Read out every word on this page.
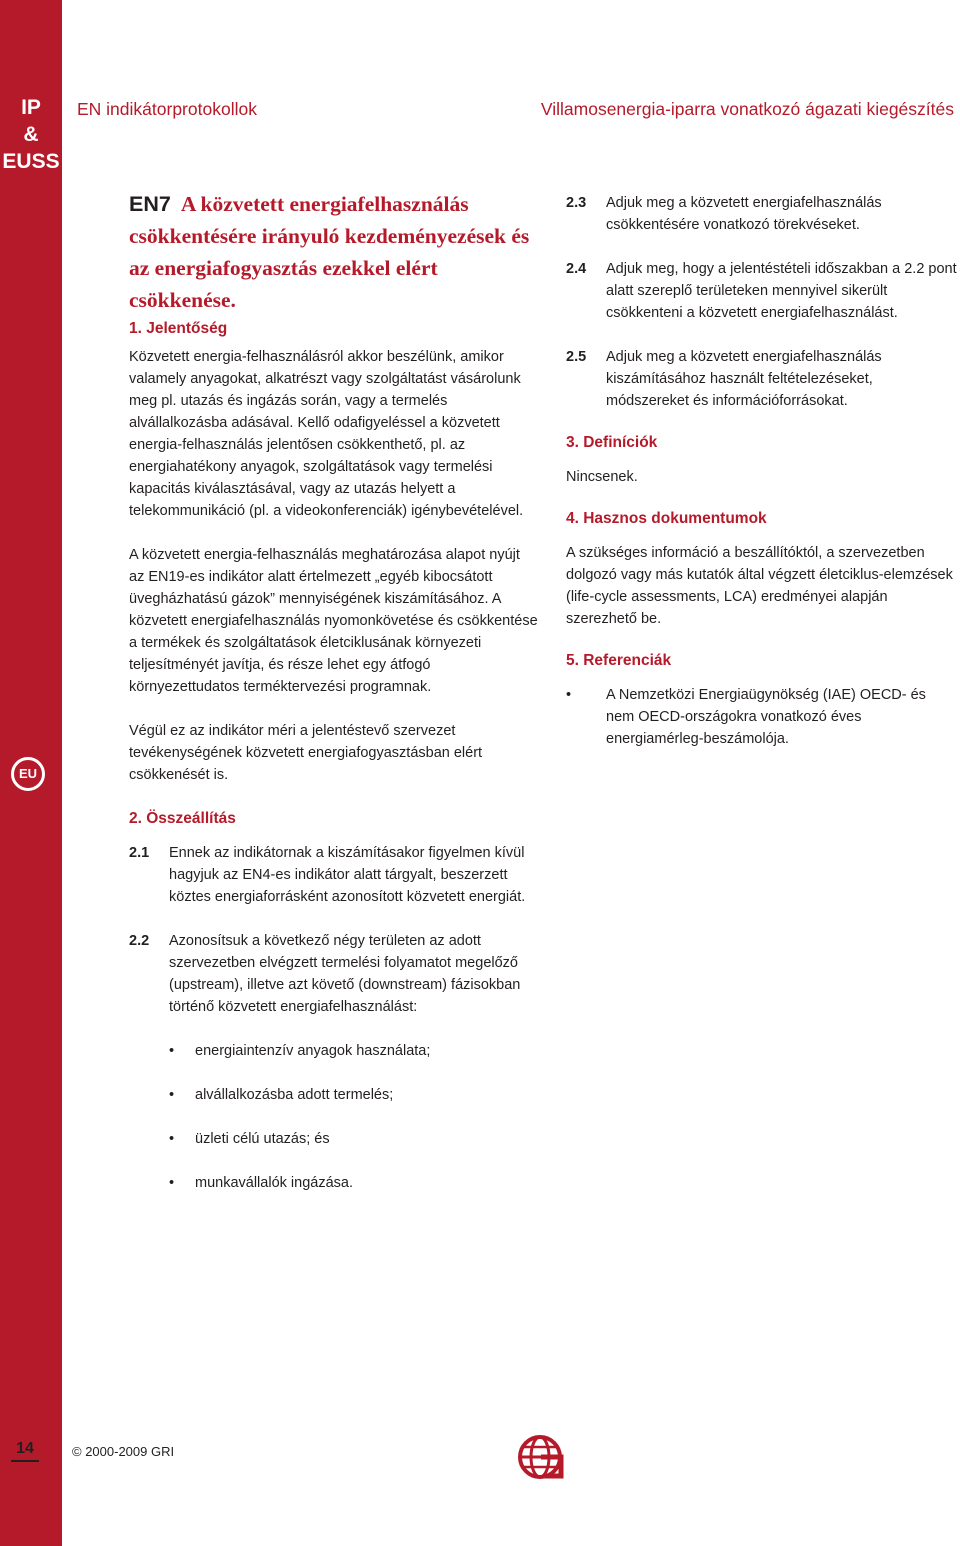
IP
&
EUSS
EU
EN indikátorprotokollok	Villamosenergia-iparra vonatkozó ágazati kiegészítés
EN7 A közvetett energiafelhasználás csökkentésére irányuló kezdeményezések és az energiafogyasztás ezekkel elért csökkenése.
1. Jelentőség

Közvetett energia-felhasználásról akkor beszélünk, amikor valamely anyagokat, alkatrészt vagy szolgáltatást vásárolunk meg pl. utazás és ingázás során, vagy a termelés alvállalkozásba adásával. Kellő odafigyeléssel a közvetett energia-felhasználás jelentősen csökkenthető, pl. az energiahatékony anyagok, szolgáltatások vagy termelési kapacitás kiválasztásával, vagy az utazás helyett a telekommunikáció (pl. a videokonferenciák) igénybevételével.

A közvetett energia-felhasználás meghatározása alapot nyújt az EN19-es indikátor alatt értelmezett „egyéb kibocsátott üvegházhatású gázok” mennyiségének kiszámításához. A közvetett energiafelhasználás nyomonkövetése és csökkentése a termékek és szolgáltatások életciklusának környezeti teljesítményét javítja, és része lehet egy átfogó környezettudatos terméktervezési programnak.

Végül ez az indikátor méri a jelentéstevő szervezet tevékenységének közvetett energiafogyasztásban elért csökkenését is.

2. Összeállítás

2.1 Ennek az indikátornak a kiszámításakor figyelmen kívül hagyjuk az EN4-es indikátor alatt tárgyalt, beszerzett köztes energiaforrásként azonosított közvetett energiát.

2.2 Azonosítsuk a következő négy területen az adott szervezetben elvégzett termelési folyamatot megelőző (upstream), illetve azt követő (downstream) fázisokban történő közvetett energiafelhasználást:

• energiaintenzív anyagok használata;
• alvállalkozásba adott termelés;
• üzleti célú utazás; és
• munkavállalók ingázása.

2.3 Adjuk meg a közvetett energiafelhasználás csökkentésére vonatkozó törekvéseket.

2.4 Adjuk meg, hogy a jelentéstételi időszakban a 2.2 pont alatt szereplő területeken mennyivel sikerült csökkenteni a közvetett energiafelhasználást.

2.5 Adjuk meg a közvetett energiafelhasználás kiszámításához használt feltételezéseket, módszereket és információforrásokat.

3. Definíciók

Nincsenek.

4. Hasznos dokumentumok

A szükséges információ a beszállítóktól, a szervezetben dolgozó vagy más kutatók által végzett életciklus-elemzések (life-cycle assessments, LCA) eredményei alapján szerezhető be.

5. Referenciák
• A Nemzetközi Energiaügynökség (IAE) OECD- és nem OECD-országokra vonatkozó éves energiamérleg-beszámolója.
14	© 2000-2009 GRI
